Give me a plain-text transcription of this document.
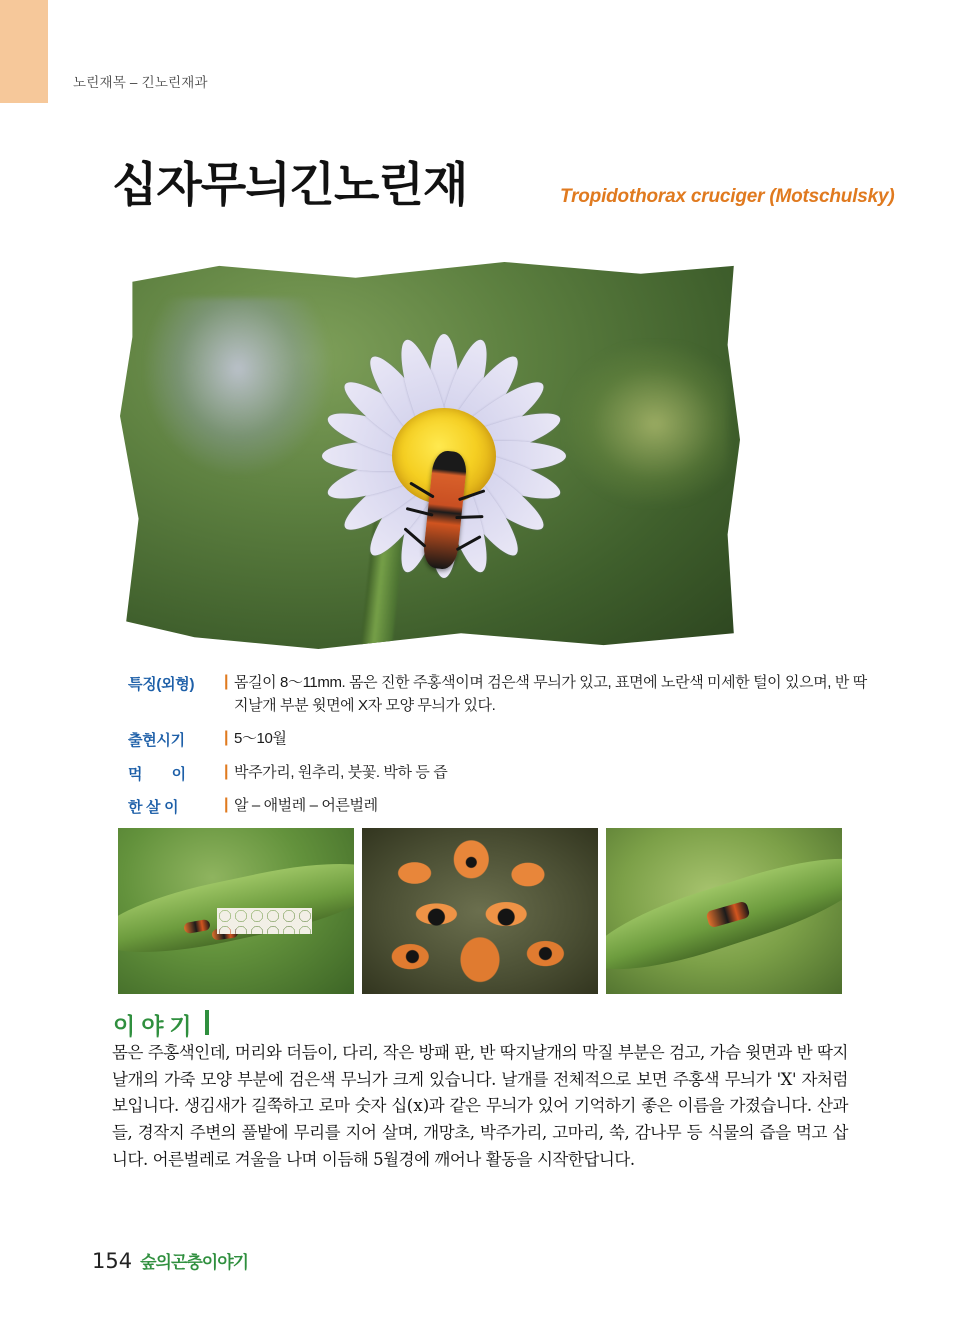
노린재목 – 긴노린재과
십자무늬긴노린재	Tropidothorax cruciger (Motschulsky)
특징(외형)	| 몸길이 8〜11mm. 몸은 진한 주홍색이며 검은색 무늬가 있고, 표면에 노란색 미세한 털이 있으며, 반 딱지날개 부분 윗면에 X자 모양 무늬가 있다.
출현시기	| 5〜10월
먹　　이	| 박주가리, 원추리, 붓꽃. 박하 등 즙
한 살 이	| 알 – 애벌레 – 어른벌레
이야기
몸은 주홍색인데, 머리와 더듬이, 다리, 작은 방패 판, 반 딱지날개의 막질 부분은 검고, 가슴 윗면과 반 딱지날개의 가죽 모양 부분에 검은색 무늬가 크게 있습니다. 날개를 전체적으로 보면 주홍색 무늬가 'X' 자처럼 보입니다. 생김새가 길쭉하고 로마 숫자 십(ⅹ)과 같은 무늬가 있어 기억하기 좋은 이름을 가졌습니다. 산과 들, 경작지 주변의 풀밭에 무리를 지어 살며, 개망초, 박주가리, 고마리, 쑥, 감나무 등 식물의 즙을 먹고 삽니다. 어른벌레로 겨울을 나며 이듬해 5월경에 깨어나 활동을 시작한답니다.
154 숲의곤충이야기
